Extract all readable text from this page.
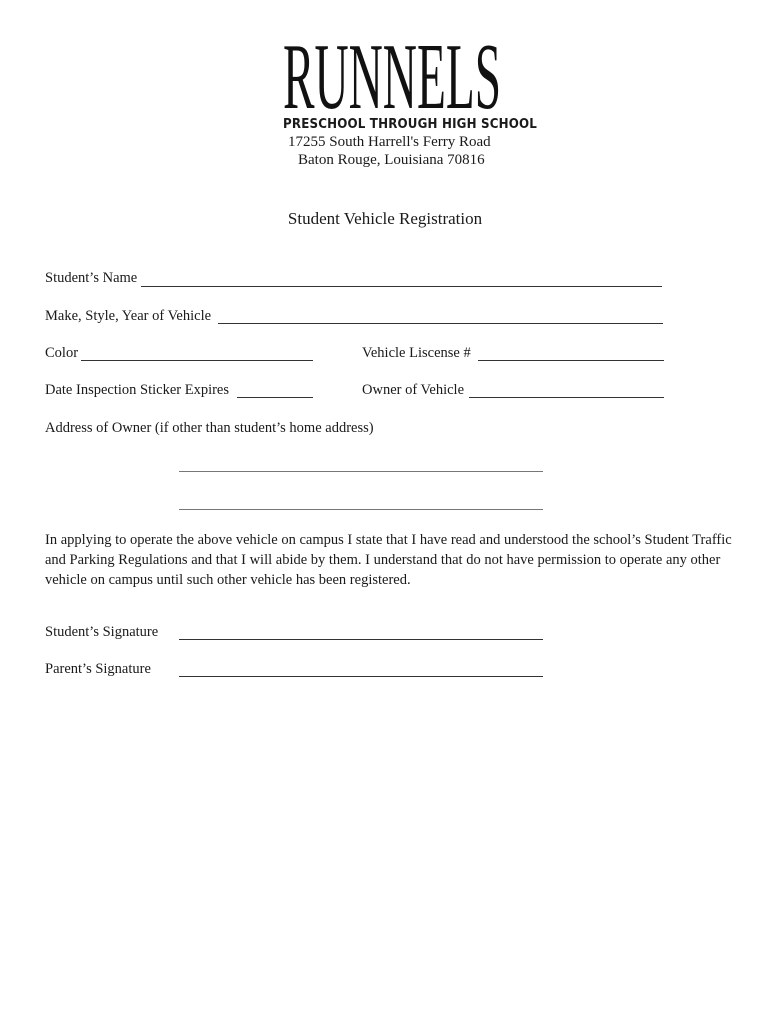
RUNNELS
PRESCHOOL THROUGH HIGH SCHOOL
17255 South Harrell's Ferry Road
Baton Rouge, Louisiana 70816
Student Vehicle Registration
Student’s Name
Make, Style, Year of Vehicle
Color	Vehicle Liscense #
Date Inspection Sticker Expires	Owner of Vehicle
Address of Owner (if other than student’s home address)
In applying to operate the above vehicle on campus I state that I have read and understood the school’s Student Traffic and Parking Regulations and that I will abide by them. I understand that do not have permission to operate any other vehicle on campus until such other vehicle has been registered.
Student’s Signature
Parent’s Signature
